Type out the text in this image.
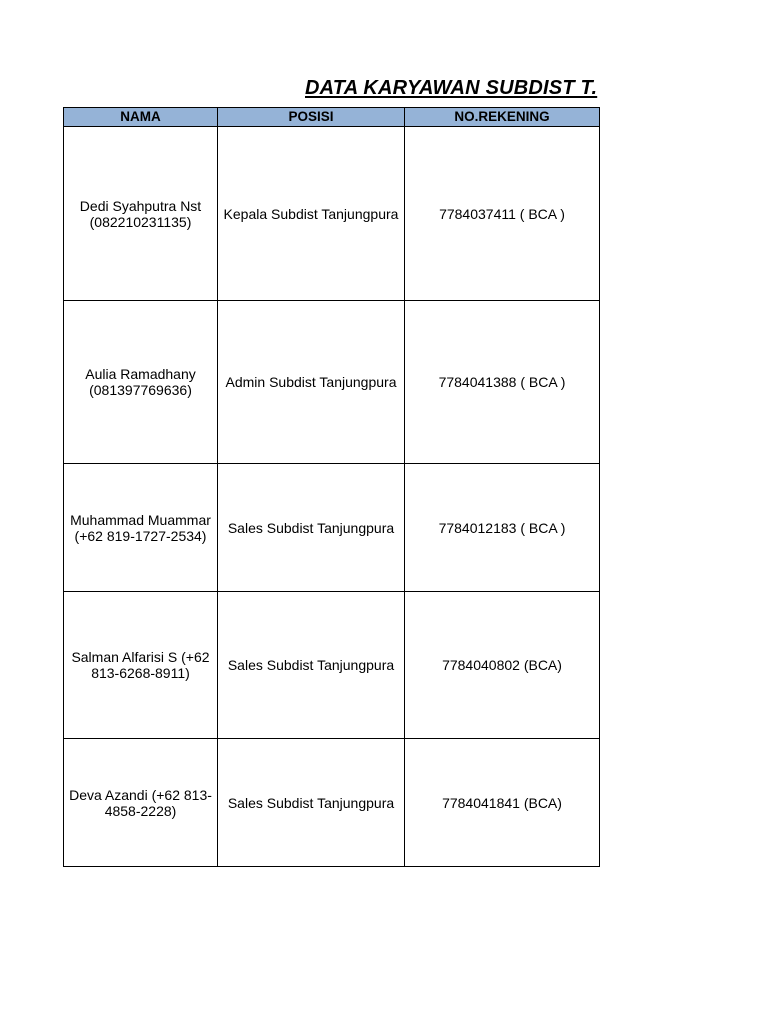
DATA KARYAWAN SUBDIST T.
NAMA	POSISI	NO.REKENING

Dedi Syahputra Nst
(082210231135)	Kepala Subdist Tanjungpura	7784037411 ( BCA )

Aulia Ramadhany
(081397769636)	Admin Subdist Tanjungpura	7784041388 ( BCA )

Muhammad Muammar
(+62 819-1727-2534)	Sales Subdist Tanjungpura	7784012183 ( BCA )

Salman Alfarisi S (+62
813-6268-8911)	Sales Subdist Tanjungpura	7784040802 (BCA)

Deva Azandi (+62 813-
4858-2228)	Sales Subdist Tanjungpura	7784041841 (BCA)
